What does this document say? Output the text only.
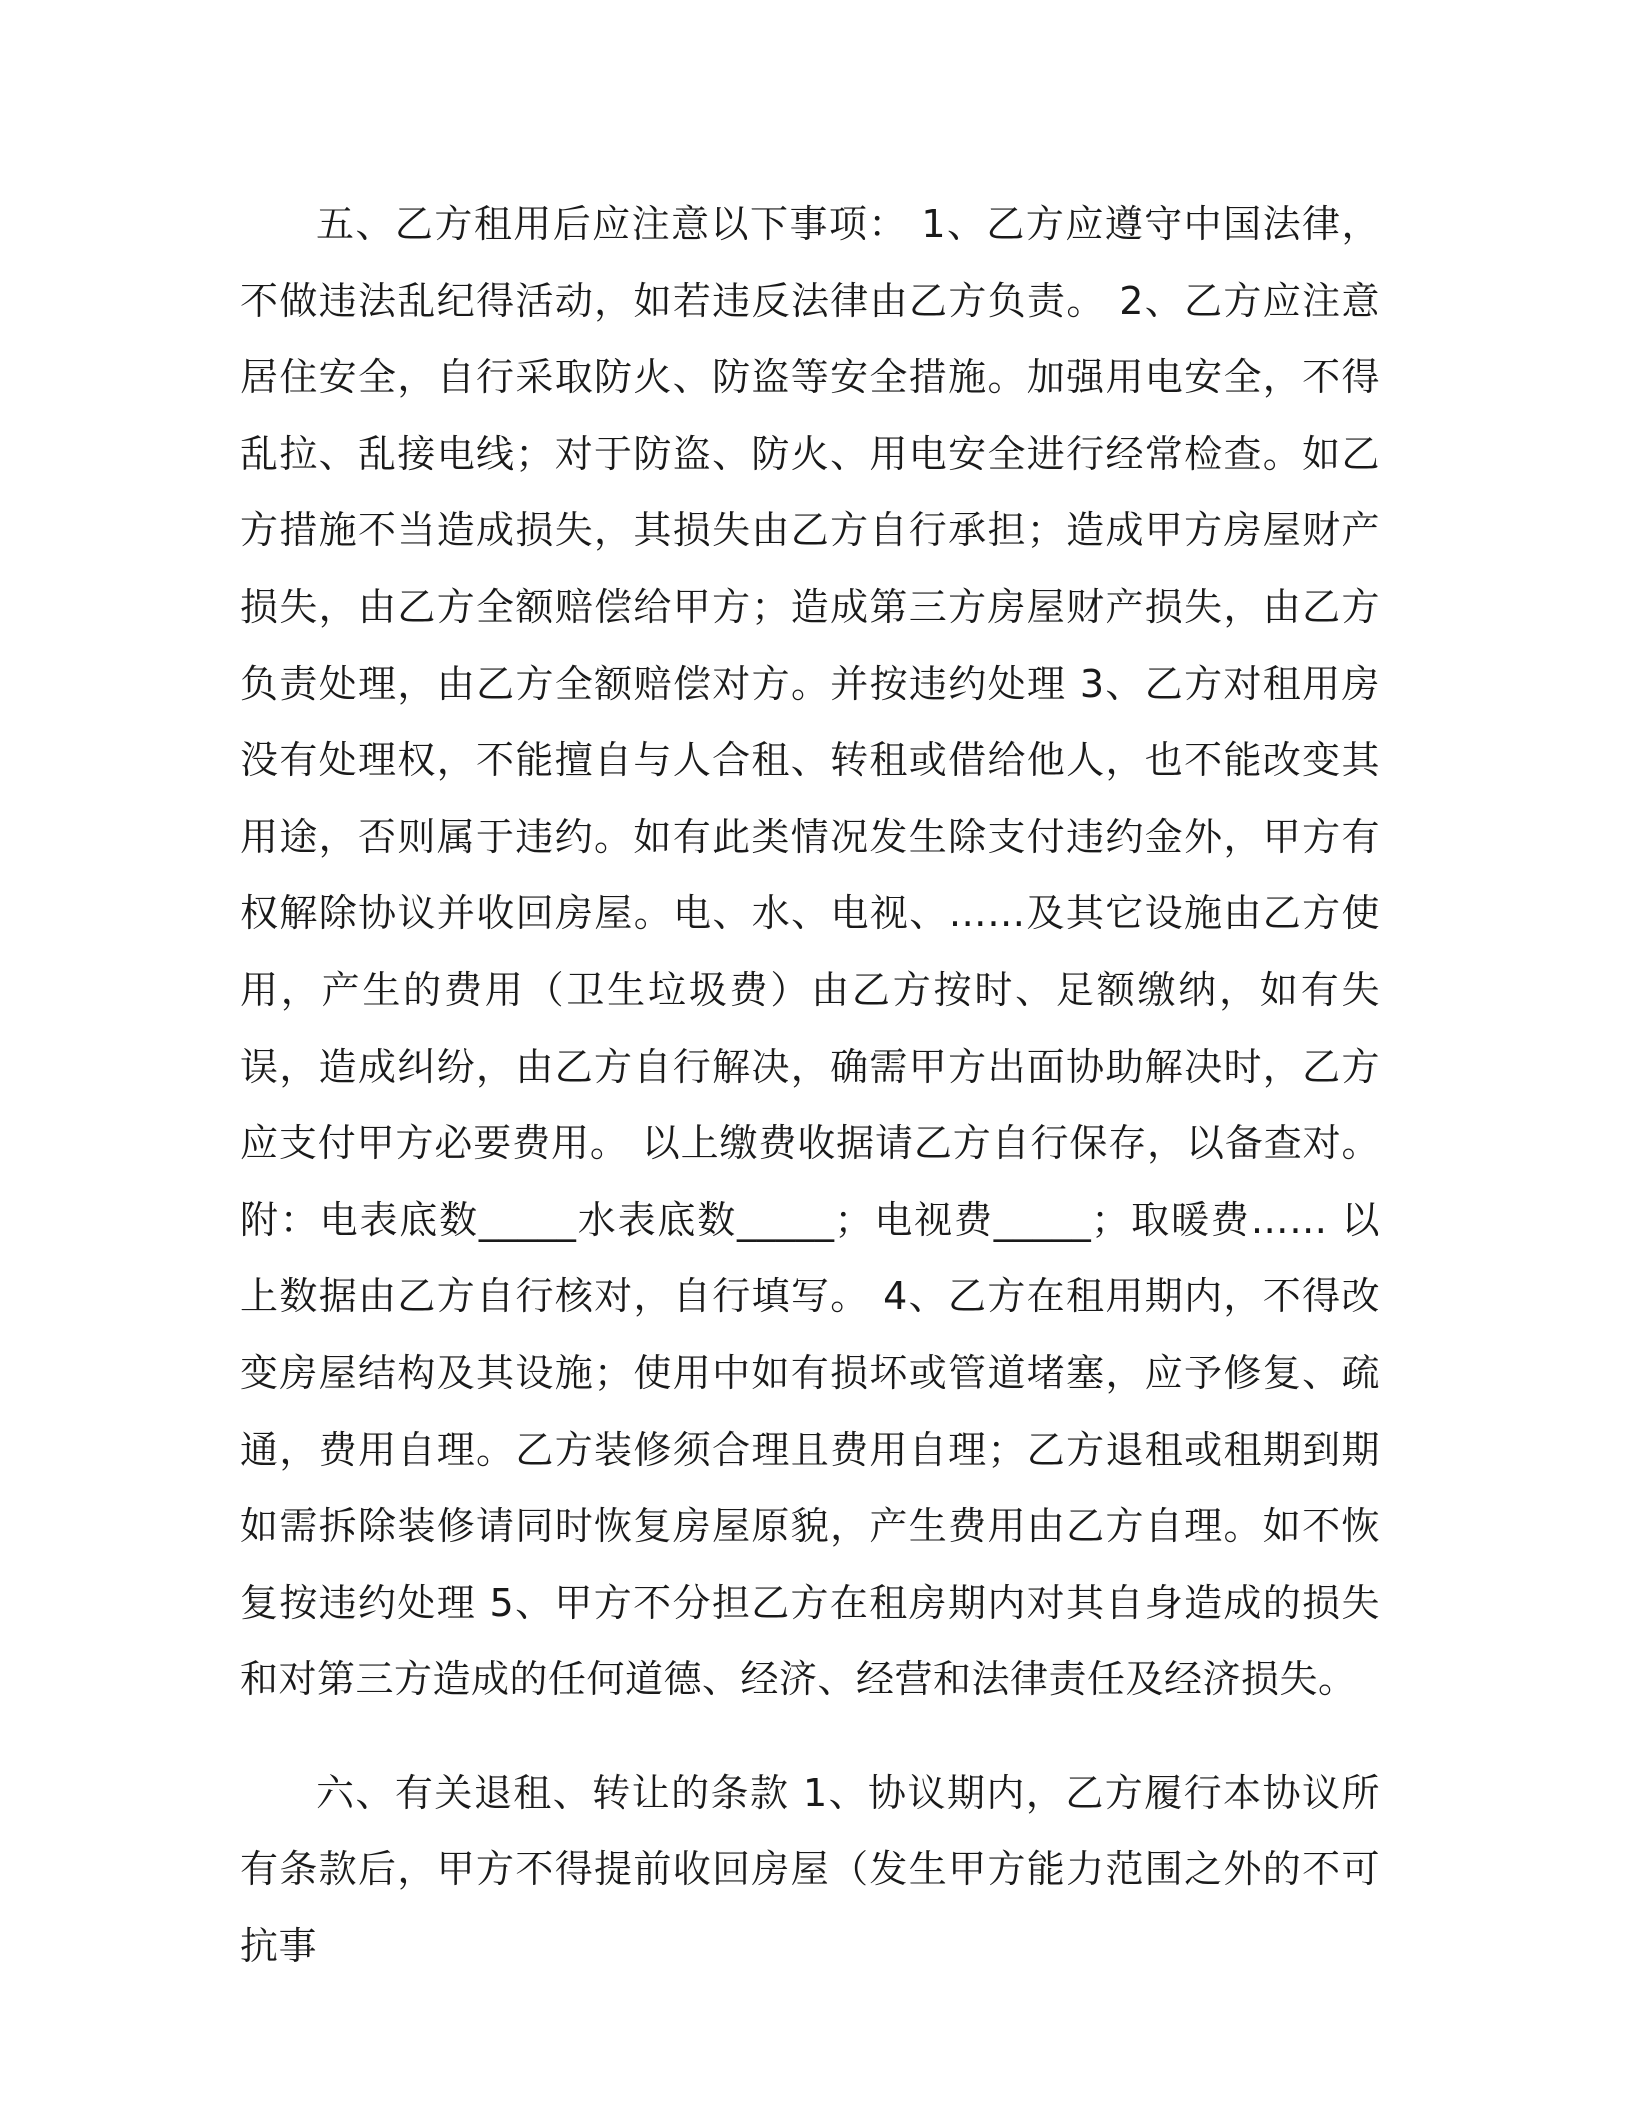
五、乙方租用后应注意以下事项： 1、乙方应遵守中国法律，不做违法乱纪得活动，如若违反法律由乙方负责。 2、乙方应注意居住安全，自行采取防火、防盗等安全措施。加强用电安全，不得乱拉、乱接电线；对于防盗、防火、用电安全进行经常检查。如乙方措施不当造成损失，其损失由乙方自行承担；造成甲方房屋财产损失，由乙方全额赔偿给甲方；造成第三方房屋财产损失，由乙方负责处理，由乙方全额赔偿对方。并按违约处理 3、乙方对租用房没有处理权，不能擅自与人合租、转租或借给他人，也不能改变其用途，否则属于违约。如有此类情况发生除支付违约金外，甲方有权解除协议并收回房屋。电、水、电视、……及其它设施由乙方使用，产生的费用（卫生垃圾费）由乙方按时、足额缴纳，如有失误，造成纠纷，由乙方自行解决，确需甲方出面协助解决时，乙方应支付甲方必要费用。 以上缴费收据请乙方自行保存，以备查对。 附：电表底数_____水表底数_____；电视费_____；取暖费…… 以上数据由乙方自行核对，自行填写。 4、乙方在租用期内，不得改变房屋结构及其设施；使用中如有损坏或管道堵塞，应予修复、疏通，费用自理。乙方装修须合理且费用自理；乙方退租或租期到期如需拆除装修请同时恢复房屋原貌，产生费用由乙方自理。如不恢复按违约处理 5、甲方不分担乙方在租房期内对其自身造成的损失和对第三方造成的任何道德、经济、经营和法律责任及经济损失。

六、有关退租、转让的条款 1、协议期内，乙方履行本协议所有条款后，甲方不得提前收回房屋（发生甲方能力范围之外的不可抗事
